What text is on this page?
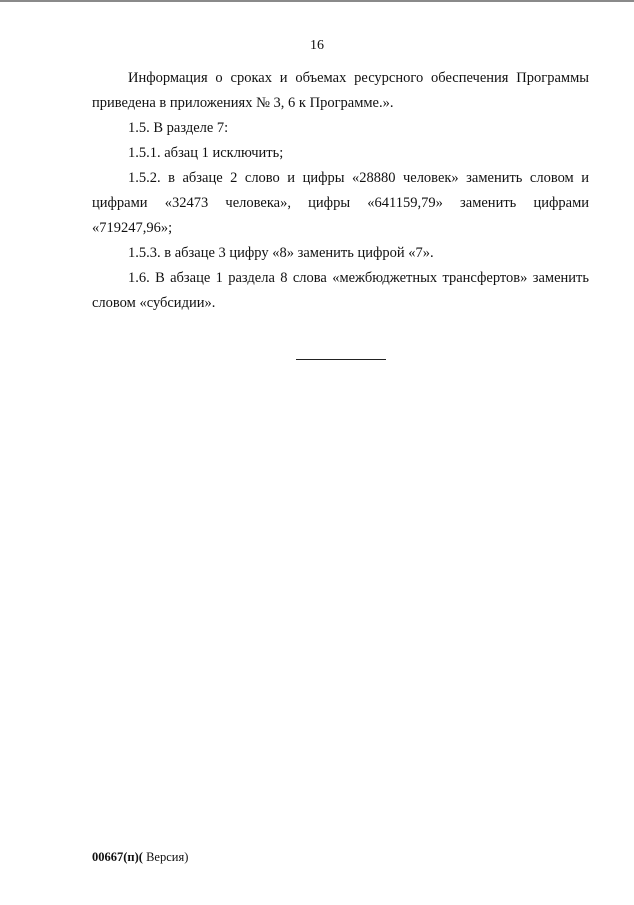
16

Информация о сроках и объемах ресурсного обеспечения Программы приведена в приложениях № 3, 6 к Программе.».

1.5. В разделе 7:

1.5.1. абзац 1 исключить;

1.5.2. в абзаце 2 слово и цифры «28880 человек» заменить словом и цифрами «32473 человека», цифры «641159,79» заменить цифрами «719247,96»;

1.5.3. в абзаце 3 цифру «8» заменить цифрой «7».

1.6. В абзаце 1 раздела 8 слова «межбюджетных трансфертов» заменить словом «субсидии».

00667(п)( Версия)
